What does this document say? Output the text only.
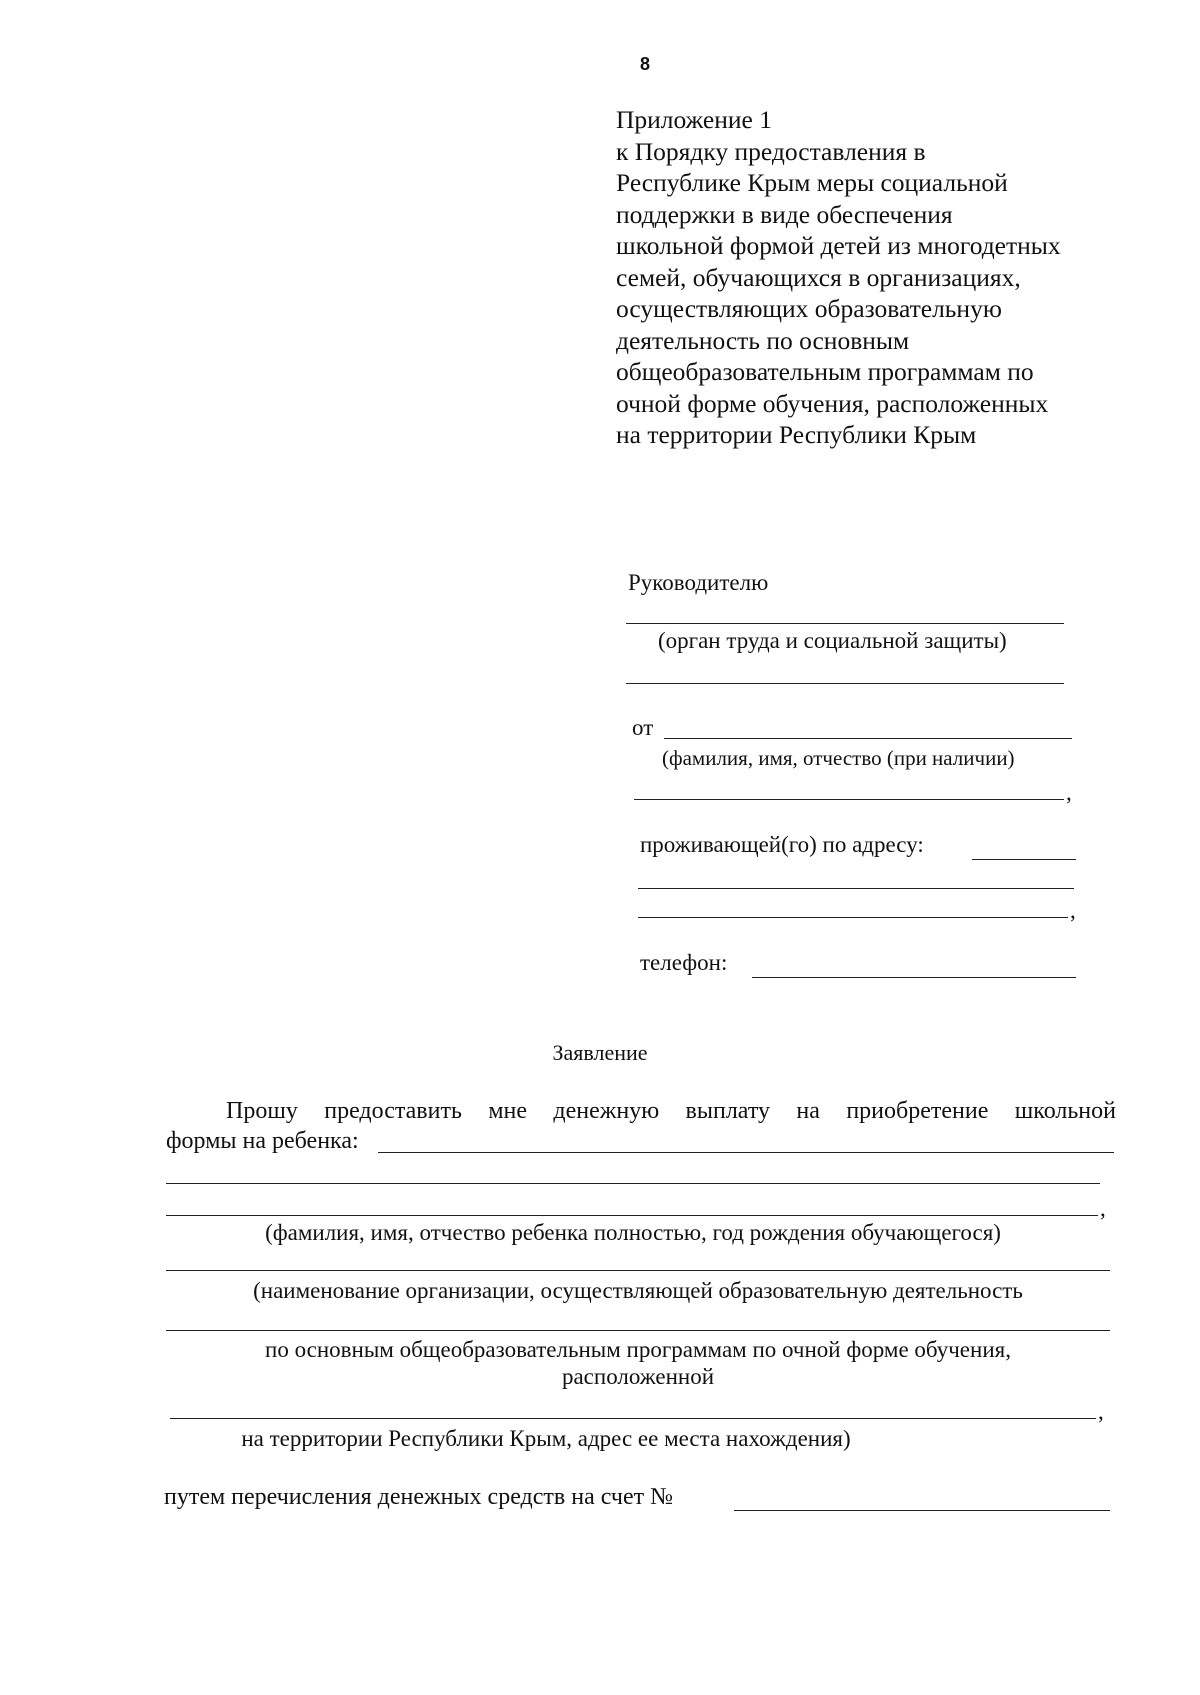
8
Приложение 1
к Порядку предоставления в
Республике Крым меры социальной
поддержки в виде обеспечения
школьной формой детей из многодетных
семей, обучающихся в организациях,
осуществляющих образовательную
деятельность по основным
общеобразовательным программам по
очной форме обучения, расположенных
на территории Республики Крым
Руководителю
(орган труда и социальной защиты)
от
(фамилия, имя, отчество (при наличии)
,
проживающей(го) по адресу:
,
телефон:
Заявление
Прошу предоставить мне денежную выплату на приобретение школьной
формы на ребенка:
,
(фамилия, имя, отчество ребенка полностью, год рождения обучающегося)
(наименование организации, осуществляющей образовательную деятельность
по основным общеобразовательным программам по очной форме обучения,
расположенной
,
на территории Республики Крым, адрес ее места нахождения)
путем перечисления денежных средств на счет №
